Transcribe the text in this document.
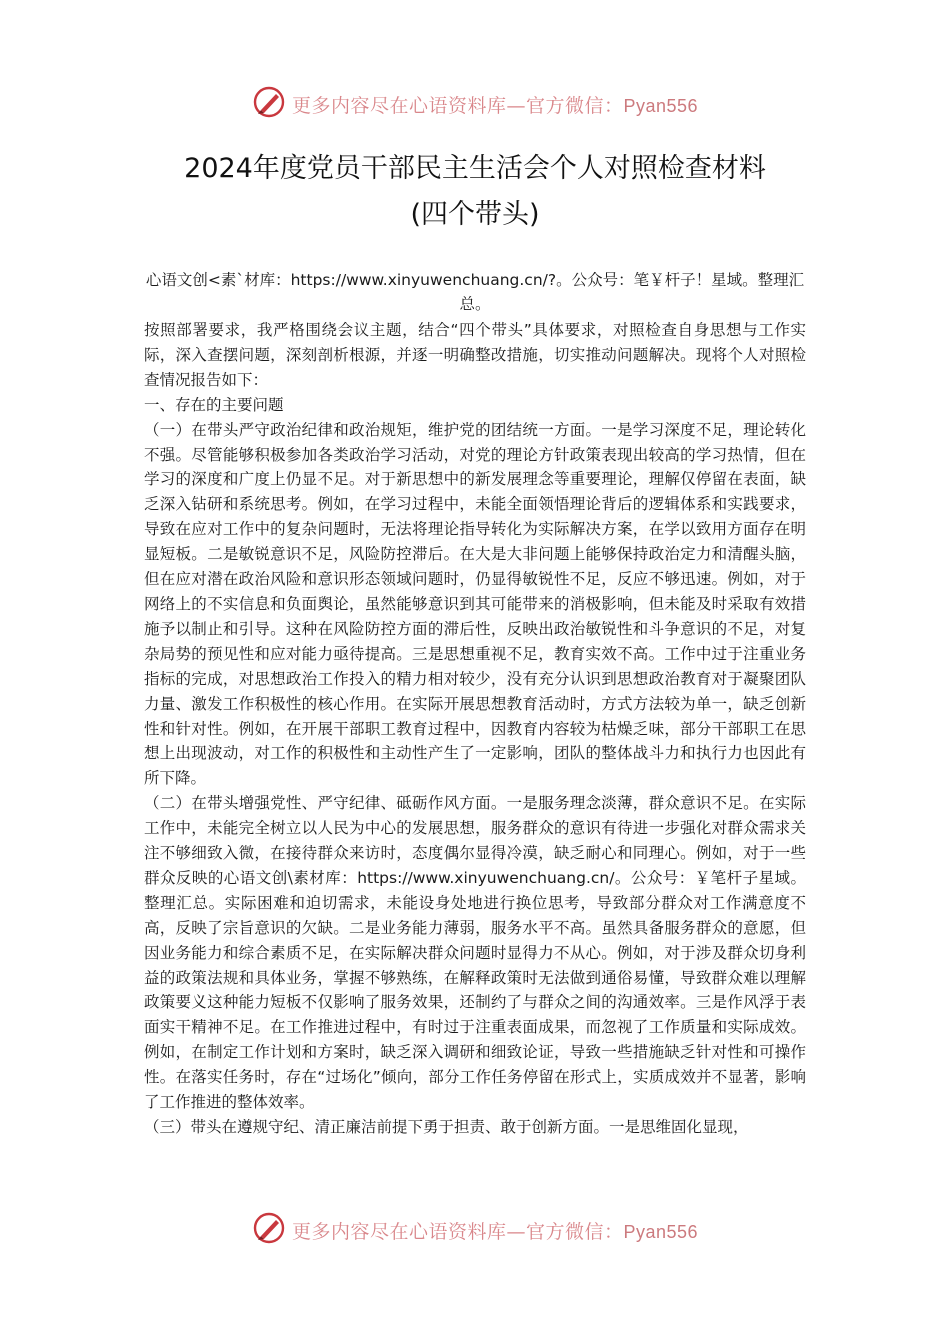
更多内容尽在心语资料库—官方微信：Pyan556
2024年度党员干部民主生活会个人对照检查材料
(四个带头)
心语文创<素`材库：https://www.xinyuwenchuang.cn/?。公众号：笔￥杆子！星域。整理汇总。

按照部署要求，我严格围绕会议主题，结合“四个带头”具体要求，对照检查自身思想与工作实际，深入查摆问题，深刻剖析根源，并逐一明确整改措施，切实推动问题解决。现将个人对照检查情况报告如下：

一、存在的主要问题

（一）在带头严守政治纪律和政治规矩，维护党的团结统一方面。一是学习深度不足，理论转化不强。尽管能够积极参加各类政治学习活动，对党的理论方针政策表现出较高的学习热情，但在学习的深度和广度上仍显不足。对于新思想中的新发展理念等重要理论，理解仅停留在表面，缺乏深入钻研和系统思考。例如，在学习过程中，未能全面领悟理论背后的逻辑体系和实践要求，导致在应对工作中的复杂问题时，无法将理论指导转化为实际解决方案，在学以致用方面存在明显短板。二是敏锐意识不足，风险防控滞后。在大是大非问题上能够保持政治定力和清醒头脑，但在应对潜在政治风险和意识形态领域问题时，仍显得敏锐性不足，反应不够迅速。例如，对于网络上的不实信息和负面舆论，虽然能够意识到其可能带来的消极影响，但未能及时采取有效措施予以制止和引导。这种在风险防控方面的滞后性，反映出政治敏锐性和斗争意识的不足，对复杂局势的预见性和应对能力亟待提高。三是思想重视不足，教育实效不高。工作中过于注重业务指标的完成，对思想政治工作投入的精力相对较少，没有充分认识到思想政治教育对于凝聚团队力量、激发工作积极性的核心作用。在实际开展思想教育活动时，方式方法较为单一，缺乏创新性和针对性。例如，在开展干部职工教育过程中，因教育内容较为枯燥乏味，部分干部职工在思想上出现波动，对工作的积极性和主动性产生了一定影响，团队的整体战斗力和执行力也因此有所下降。

（二）在带头增强党性、严守纪律、砥砺作风方面。一是服务理念淡薄，群众意识不足。在实际工作中，未能完全树立以人民为中心的发展思想，服务群众的意识有待进一步强化对群众需求关注不够细致入微，在接待群众来访时，态度偶尔显得冷漠，缺乏耐心和同理心。例如，对于一些群众反映的心语文创\素材库：https://www.xinyuwenchuang.cn/。公众号：￥笔杆子星域。整理汇总。实际困难和迫切需求，未能设身处地进行换位思考，导致部分群众对工作满意度不高，反映了宗旨意识的欠缺。二是业务能力薄弱，服务水平不高。虽然具备服务群众的意愿，但因业务能力和综合素质不足，在实际解决群众问题时显得力不从心。例如，对于涉及群众切身利益的政策法规和具体业务，掌握不够熟练，在解释政策时无法做到通俗易懂，导致群众难以理解政策要义这种能力短板不仅影响了服务效果，还制约了与群众之间的沟通效率。三是作风浮于表面实干精神不足。在工作推进过程中，有时过于注重表面成果，而忽视了工作质量和实际成效。例如，在制定工作计划和方案时，缺乏深入调研和细致论证，导致一些措施缺乏针对性和可操作性。在落实任务时，存在“过场化”倾向，部分工作任务停留在形式上，实质成效并不显著，影响了工作推进的整体效率。

（三）带头在遵规守纪、清正廉洁前提下勇于担责、敢于创新方面。一是思维固化显现，

更多内容尽在心语资料库—官方微信：Pyan556
